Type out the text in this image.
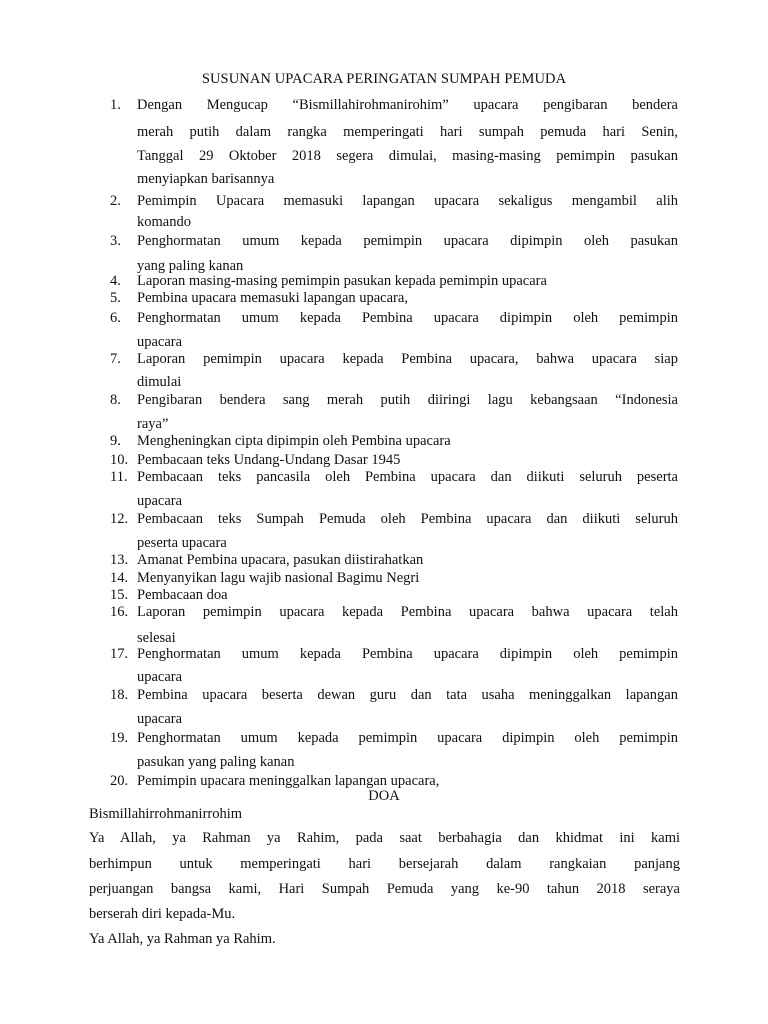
SUSUNAN UPACARA PERINGATAN SUMPAH PEMUDA
1. Dengan Mengucap “Bismillahirohmanirohim” upacara pengibaran bendera
merah putih dalam rangka memperingati hari sumpah pemuda hari Senin,
Tanggal 29 Oktober 2018 segera dimulai, masing-masing pemimpin pasukan
menyiapkan barisannya
2. Pemimpin Upacara memasuki lapangan upacara sekaligus mengambil alih
komando
3. Penghormatan umum kepada pemimpin upacara dipimpin oleh pasukan
yang paling kanan
4. Laporan masing-masing pemimpin pasukan kepada pemimpin upacara
5. Pembina upacara memasuki lapangan upacara,
6. Penghormatan umum kepada Pembina upacara dipimpin oleh pemimpin
upacara
7. Laporan pemimpin upacara kepada Pembina upacara, bahwa upacara siap
dimulai
8. Pengibaran bendera sang merah putih diiringi lagu kebangsaan “Indonesia
raya”
9. Mengheningkan cipta dipimpin oleh Pembina upacara
10. Pembacaan teks Undang-Undang Dasar 1945
11. Pembacaan teks pancasila oleh Pembina upacara dan diikuti seluruh peserta
upacara
12. Pembacaan teks Sumpah Pemuda oleh Pembina upacara dan diikuti seluruh
peserta upacara
13. Amanat Pembina upacara, pasukan diistirahatkan
14. Menyanyikan lagu wajib nasional Bagimu Negri
15. Pembacaan doa
16. Laporan pemimpin upacara kepada Pembina upacara bahwa upacara telah
selesai
17. Penghormatan umum kepada Pembina upacara dipimpin oleh pemimpin
upacara
18. Pembina upacara beserta dewan guru dan tata usaha meninggalkan lapangan
upacara
19. Penghormatan umum kepada pemimpin upacara dipimpin oleh pemimpin
pasukan yang paling kanan
20. Pemimpin upacara meninggalkan lapangan upacara,
DOA
Bismillahirrohmanirrohim
Ya Allah, ya Rahman ya Rahim, pada saat berbahagia dan khidmat ini kami
berhimpun untuk memperingati hari bersejarah dalam rangkaian panjang
perjuangan bangsa kami, Hari Sumpah Pemuda yang ke-90 tahun 2018 seraya
berserah diri kepada-Mu.
Ya Allah, ya Rahman ya Rahim.
